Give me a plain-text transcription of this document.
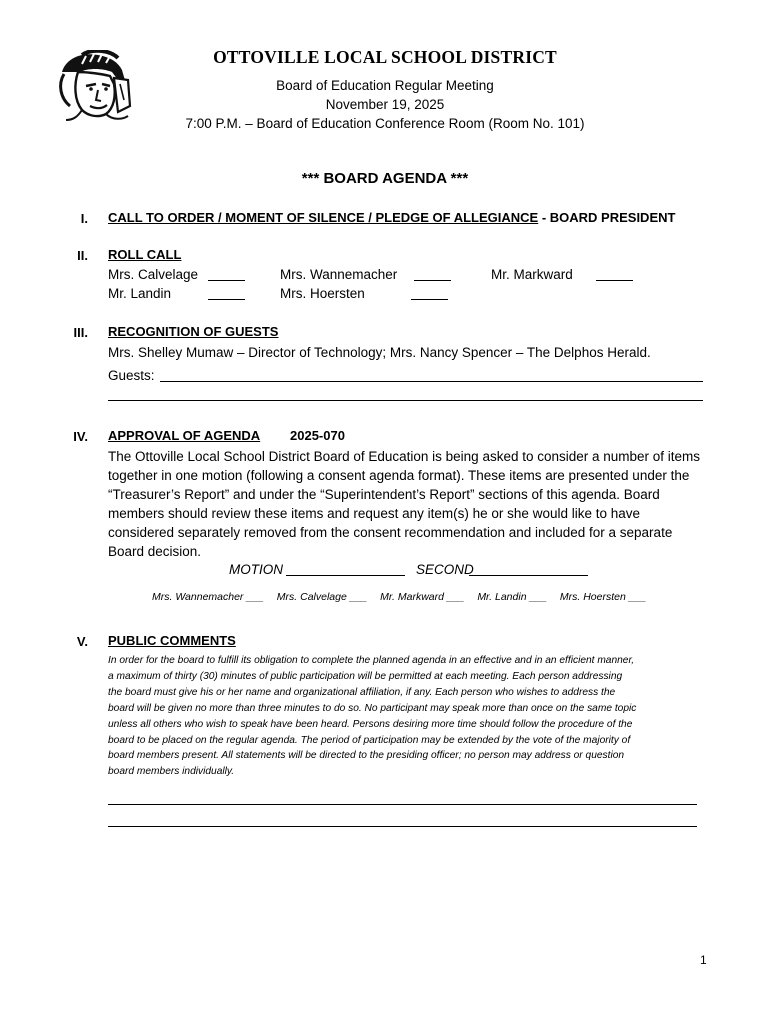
OTTOVILLE LOCAL SCHOOL DISTRICT
Board of Education Regular Meeting
November 19, 2025
7:00 P.M. – Board of Education Conference Room (Room No. 101)
*** BOARD AGENDA ***
I. CALL TO ORDER / MOMENT OF SILENCE / PLEDGE OF ALLEGIANCE - BOARD PRESIDENT
II. ROLL CALL
Mrs. Calvelage	Mrs. Wannemacher	Mr. Markward
Mr. Landin	Mrs. Hoersten
III. RECOGNITION OF GUESTS
Mrs. Shelley Mumaw – Director of Technology; Mrs. Nancy Spencer – The Delphos Herald.
Guests:
IV. APPROVAL OF AGENDA 2025-070
The Ottoville Local School District Board of Education is being asked to consider a number of items
together in one motion (following a consent agenda format). These items are presented under the
“Treasurer’s Report” and under the “Superintendent’s Report” sections of this agenda. Board
members should review these items and request any item(s) he or she would like to have
considered separately removed from the consent recommendation and included for a separate
Board decision.
MOTION	SECOND
Mrs. Wannemacher ___ Mrs. Calvelage ___ Mr. Markward ___ Mr. Landin ___ Mrs. Hoersten ___
V. PUBLIC COMMENTS
In order for the board to fulfill its obligation to complete the planned agenda in an effective and in an efficient manner,
a maximum of thirty (30) minutes of public participation will be permitted at each meeting. Each person addressing
the board must give his or her name and organizational affiliation, if any. Each person who wishes to address the
board will be given no more than three minutes to do so. No participant may speak more than once on the same topic
unless all others who wish to speak have been heard. Persons desiring more time should follow the procedure of the
board to be placed on the regular agenda. The period of participation may be extended by the vote of the majority of
board members present. All statements will be directed to the presiding officer; no person may address or question
board members individually.
1
